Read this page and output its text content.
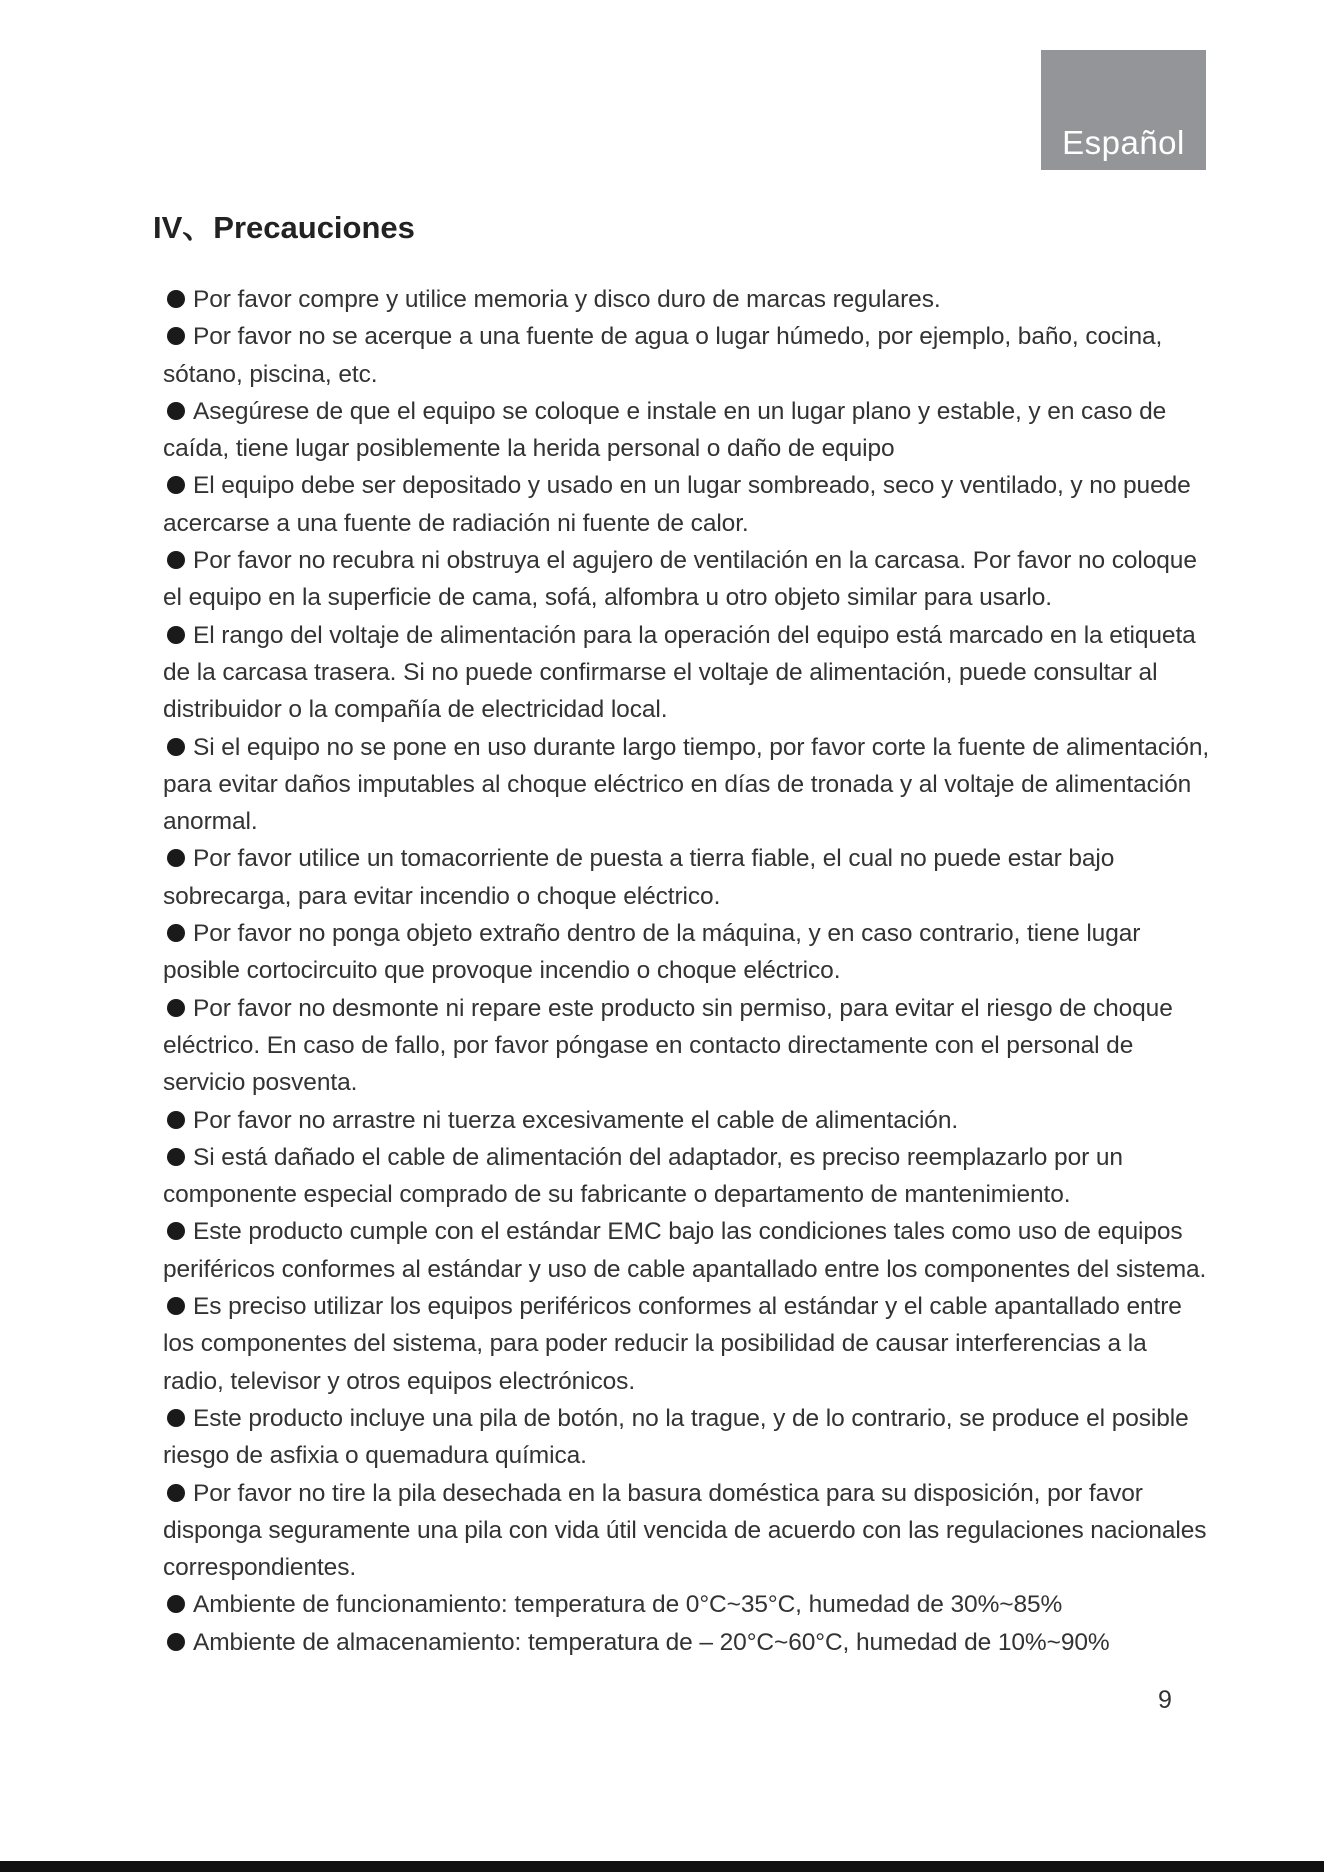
Español
IV、Precauciones
Por favor compre y utilice memoria y disco duro de marcas regulares.
Por favor no se acerque a una fuente de agua o lugar húmedo, por ejemplo, baño, cocina, sótano, piscina, etc.
Asegúrese de que el equipo se coloque e instale en un lugar plano y estable, y en caso de caída, tiene lugar posiblemente la herida personal o daño de equipo
El equipo debe ser depositado y usado en un lugar sombreado, seco y ventilado, y no puede acercarse a una fuente de radiación ni fuente de calor.
Por favor no recubra ni obstruya el agujero de ventilación en la carcasa. Por favor no coloque el equipo en la superficie de cama, sofá, alfombra u otro objeto similar para usarlo.
El rango del voltaje de alimentación para la operación del equipo está marcado en la etiqueta de la carcasa trasera. Si no puede confirmarse el voltaje de alimentación, puede consultar al distribuidor o la compañía de electricidad local.
Si el equipo no se pone en uso durante largo tiempo, por favor corte la fuente de alimentación, para evitar daños imputables al choque eléctrico en días de tronada y al voltaje de alimentación anormal.
Por favor utilice un tomacorriente de puesta a tierra fiable, el cual no puede estar bajo sobrecarga, para evitar incendio o choque eléctrico.
Por favor no ponga objeto extraño dentro de la máquina, y en caso contrario, tiene lugar posible cortocircuito que provoque incendio o choque eléctrico.
Por favor no desmonte ni repare este producto sin permiso, para evitar el riesgo de choque eléctrico. En caso de fallo, por favor póngase en contacto directamente con el personal de servicio posventa.
Por favor no arrastre ni tuerza excesivamente el cable de alimentación.
Si está dañado el cable de alimentación del adaptador, es preciso reemplazarlo por un componente especial comprado de su fabricante o departamento de mantenimiento.
Este producto cumple con el estándar EMC bajo las condiciones tales como uso de equipos periféricos conformes al estándar y uso de cable apantallado entre los componentes del sistema.
Es preciso utilizar los equipos periféricos conformes al estándar y el cable apantallado entre los componentes del sistema, para poder reducir la posibilidad de causar interferencias a la radio, televisor y otros equipos electrónicos.
Este producto incluye una pila de botón, no la trague, y de lo contrario, se produce el posible riesgo de asfixia o quemadura química.
Por favor no tire la pila desechada en la basura doméstica para su disposición, por favor disponga seguramente una pila con vida útil vencida de acuerdo con las regulaciones nacionales correspondientes.
Ambiente de funcionamiento: temperatura de 0°C~35°C, humedad de 30%~85%
Ambiente de almacenamiento: temperatura de – 20°C~60°C, humedad de 10%~90%
9
